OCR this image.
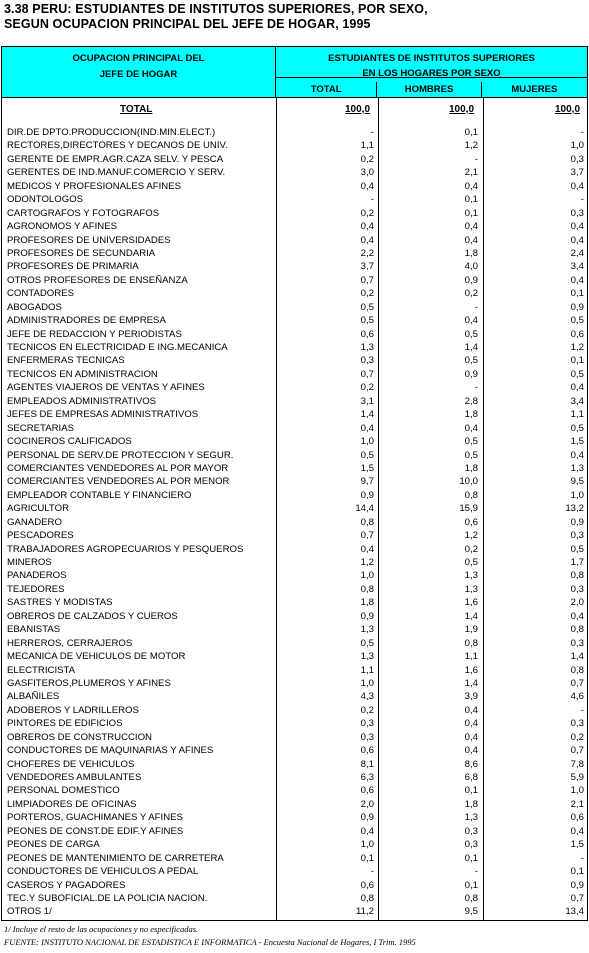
3.38 PERU: ESTUDIANTES DE INSTITUTOS SUPERIORES, POR SEXO,
SEGUN OCUPACION PRINCIPAL DEL JEFE DE HOGAR, 1995
OCUPACION PRINCIPAL DEL
JEFE DE HOGAR
ESTUDIANTES DE INSTITUTOS SUPERIORES
EN LOS HOGARES POR SEXO
TOTAL	HOMBRES	MUJERES
TOTAL	100,0	100,0	100,0
DIR.DE DPTO.PRODUCCION(IND.MIN.ELECT.)	-	0,1	-
RECTORES,DIRECTORES Y DECANOS DE UNIV.	1,1	1,2	1,0
GERENTE DE EMPR.AGR.CAZA SELV. Y PESCA	0,2	-	0,3
GERENTES DE IND.MANUF.COMERCIO Y SERV.	3,0	2,1	3,7
MEDICOS Y PROFESIONALES AFINES	0,4	0,4	0,4
ODONTOLOGOS	-	0,1	-
CARTOGRAFOS Y FOTOGRAFOS	0,2	0,1	0,3
AGRONOMOS Y AFINES	0,4	0,4	0,4
PROFESORES DE UNIVERSIDADES	0,4	0,4	0,4
PROFESORES DE SECUNDARIA	2,2	1,8	2,4
PROFESORES DE PRIMARIA	3,7	4,0	3,4
OTROS PROFESORES DE ENSEÑANZA	0,7	0,9	0,4
CONTADORES	0,2	0,2	0,1
ABOGADOS	0,5	-	0,9
ADMINISTRADORES DE EMPRESA	0,5	0,4	0,5
JEFE DE REDACCION Y PERIODISTAS	0,6	0,5	0,6
TECNICOS EN ELECTRICIDAD E ING.MECANICA	1,3	1,4	1,2
ENFERMERAS TECNICAS	0,3	0,5	0,1
TECNICOS EN ADMINISTRACION	0,7	0,9	0,5
AGENTES VIAJEROS DE VENTAS Y AFINES	0,2	-	0,4
EMPLEADOS ADMINISTRATIVOS	3,1	2,8	3,4
JEFES DE EMPRESAS ADMINISTRATIVOS	1,4	1,8	1,1
SECRETARIAS	0,4	0,4	0,5
COCINEROS CALIFICADOS	1,0	0,5	1,5
PERSONAL DE SERV.DE PROTECCION Y SEGUR.	0,5	0,5	0,4
COMERCIANTES VENDEDORES AL POR MAYOR	1,5	1,8	1,3
COMERCIANTES VENDEDORES AL POR MENOR	9,7	10,0	9,5
EMPLEADOR CONTABLE Y FINANCIERO	0,9	0,8	1,0
AGRICULTOR	14,4	15,9	13,2
GANADERO	0,8	0,6	0,9
PESCADORES	0,7	1,2	0,3
TRABAJADORES AGROPECUARIOS Y PESQUEROS	0,4	0,2	0,5
MINEROS	1,2	0,5	1,7
PANADEROS	1,0	1,3	0,8
TEJEDORES	0,8	1,3	0,3
SASTRES Y MODISTAS	1,8	1,6	2,0
OBREROS DE CALZADOS Y CUEROS	0,9	1,4	0,4
EBANISTAS	1,3	1,9	0,8
HERREROS, CERRAJEROS	0,5	0,8	0,3
MECANICA DE VEHICULOS DE MOTOR	1,3	1,1	1,4
ELECTRICISTA	1,1	1,6	0,8
GASFITEROS,PLUMEROS Y AFINES	1,0	1,4	0,7
ALBAÑILES	4,3	3,9	4,6
ADOBEROS Y LADRILLEROS	0,2	0,4	-
PINTORES DE EDIFICIOS	0,3	0,4	0,3
OBREROS DE CONSTRUCCION	0,3	0,4	0,2
CONDUCTORES DE MAQUINARIAS Y AFINES	0,6	0,4	0,7
CHOFERES DE VEHICULOS	8,1	8,6	7,8
VENDEDORES AMBULANTES	6,3	6,8	5,9
PERSONAL DOMESTICO	0,6	0,1	1,0
LIMPIADORES DE OFICINAS	2,0	1,8	2,1
PORTEROS, GUACHIMANES Y AFINES	0,9	1,3	0,6
PEONES DE CONST.DE EDIF.Y AFINES	0,4	0,3	0,4
PEONES DE CARGA	1,0	0,3	1,5
PEONES DE MANTENIMIENTO DE CARRETERA	0,1	0,1	-
CONDUCTORES DE VEHICULOS A PEDAL	-	-	0,1
CASEROS Y PAGADORES	0,6	0,1	0,9
TEC.Y SUBOFICIAL.DE LA POLICIA NACION.	0,8	0,8	0,7
OTROS 1/	11,2	9,5	13,4
1/ Incluye el resto de las ocupaciones y no especificadas.
FUENTE: INSTITUTO NACIONAL DE ESTADISTICA E INFORMATICA - Encuesta Nacional de Hogares, I Trim. 1995
